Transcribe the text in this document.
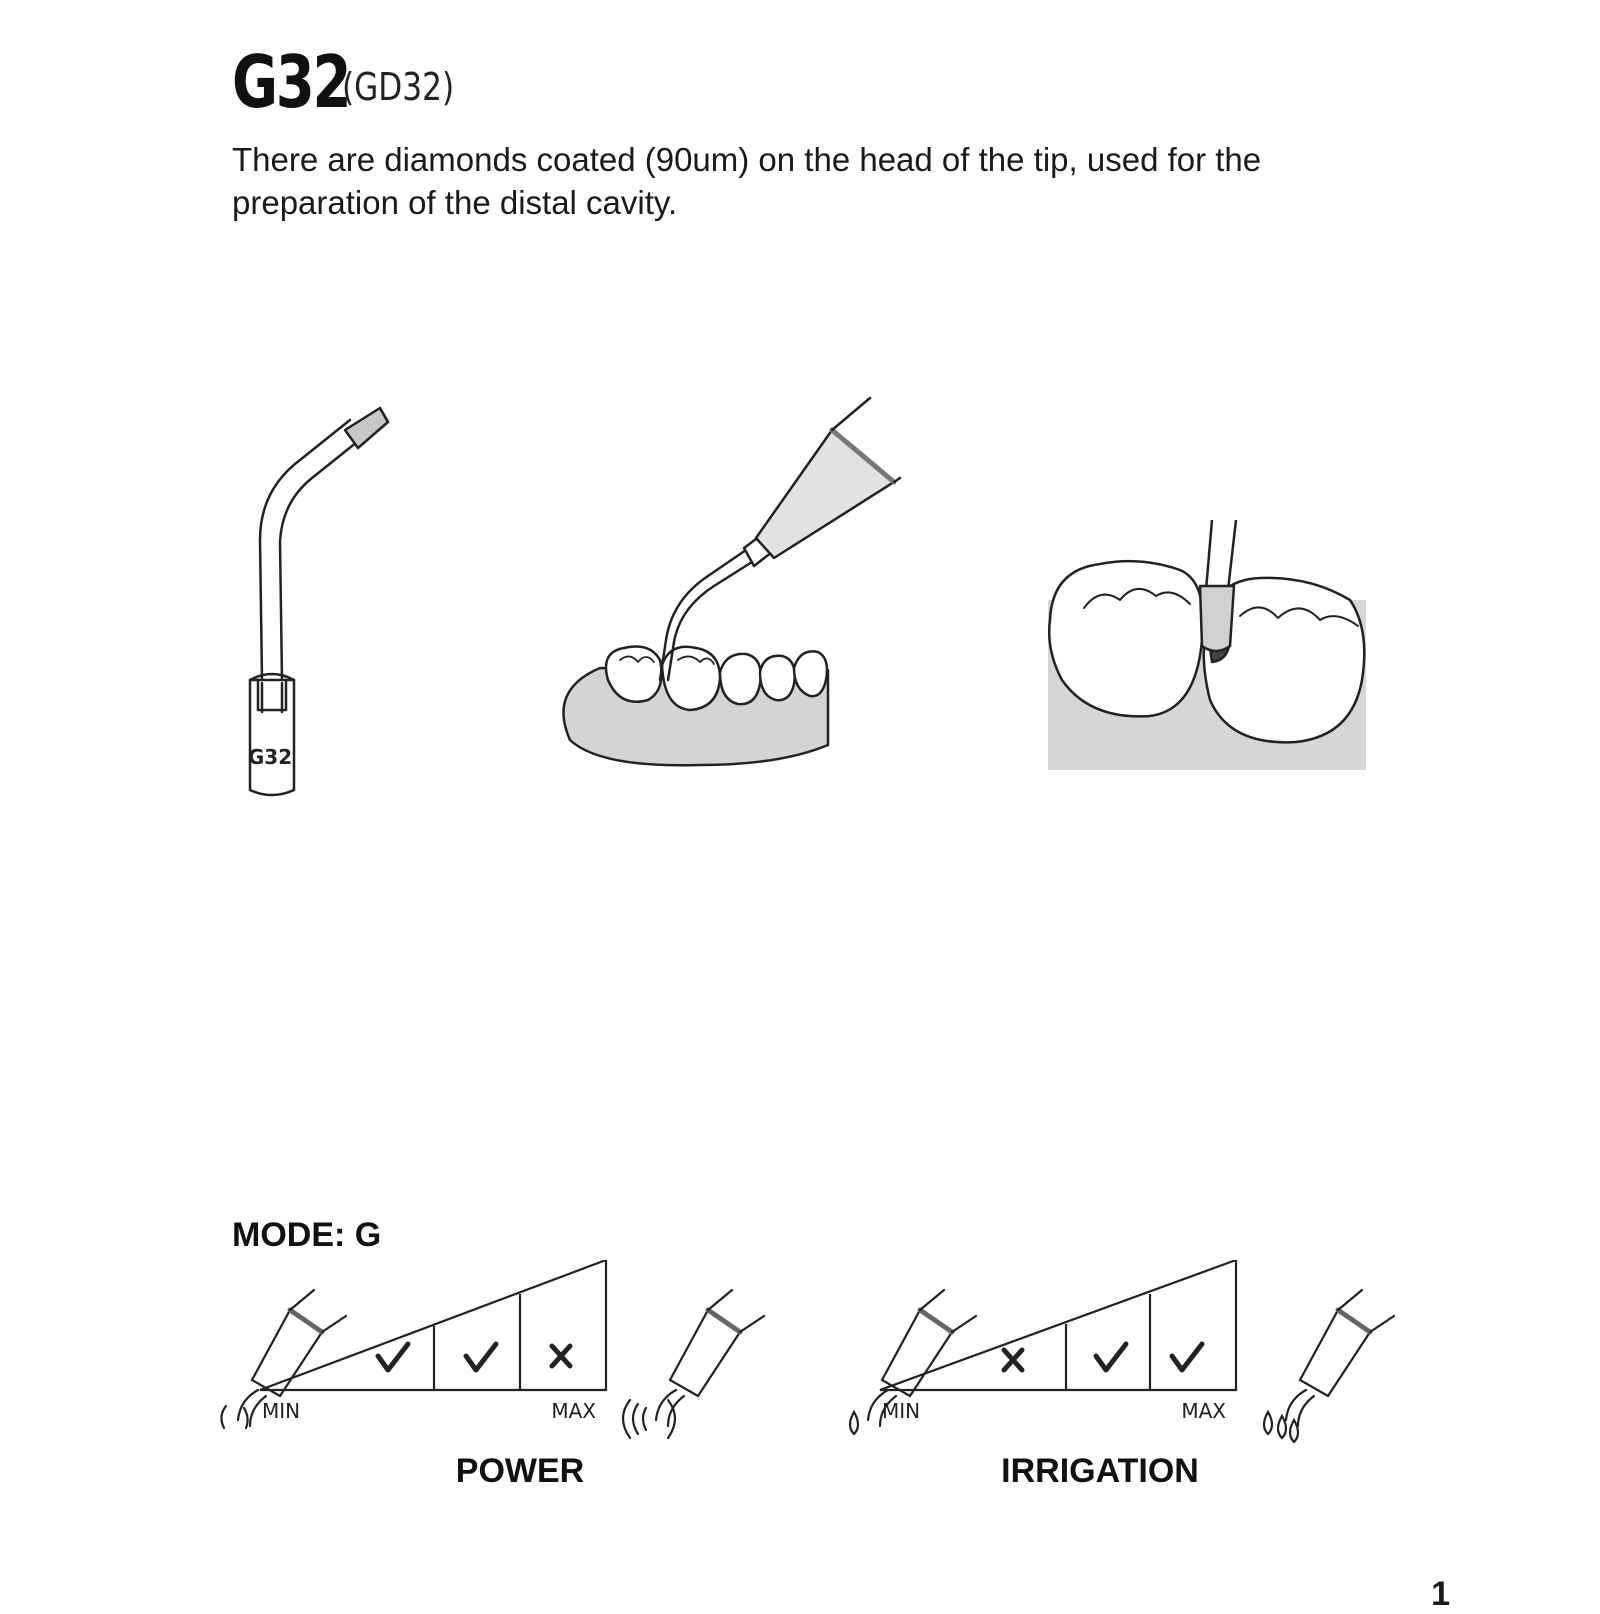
G32
(GD32)
There are diamonds coated (90um) on the head of the tip, used for the preparation of the distal cavity.
G32
MODE: G
MIN	MAX
POWER
MIN	MAX
IRRIGATION
1
